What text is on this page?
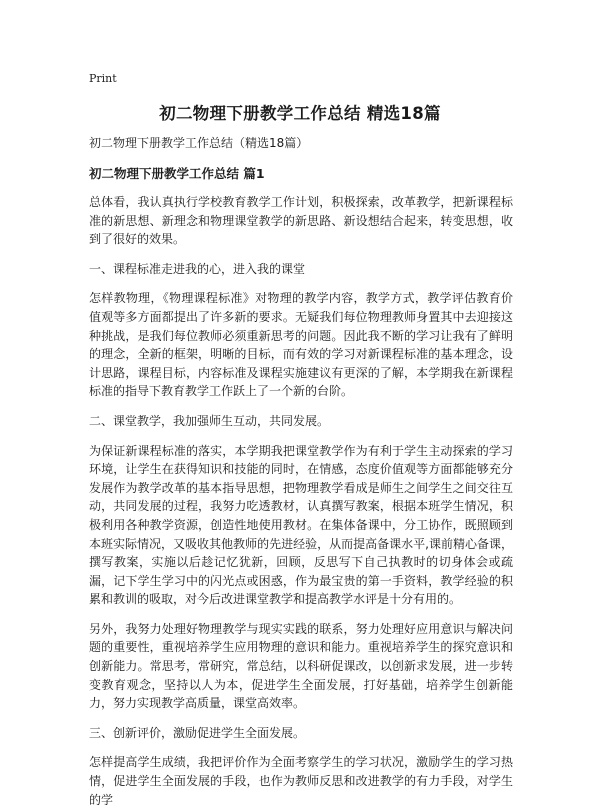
Print
初二物理下册教学工作总结 精选18篇
初二物理下册教学工作总结（精选18篇）
初二物理下册教学工作总结 篇1
总体看，我认真执行学校教育教学工作计划，积极探索，改革教学，把新课程标准的新思想、新理念和物理课堂教学的新思路、新设想结合起来，转变思想，收到了很好的效果。
一、课程标准走进我的心，进入我的课堂
怎样教物理，《物理课程标准》对物理的教学内容，教学方式，教学评估教育价值观等多方面都提出了许多新的要求。无疑我们每位物理教师身置其中去迎接这种挑战，是我们每位教师必须重新思考的问题。因此我不断的学习让我有了鲜明的理念，全新的框架，明晰的目标，而有效的学习对新课程标准的基本理念，设计思路，课程目标，内容标准及课程实施建议有更深的了解，本学期我在新课程标准的指导下教育教学工作跃上了一个新的台阶。
二、课堂教学，我加强师生互动，共同发展。
为保证新课程标准的落实，本学期我把课堂教学作为有利于学生主动探索的学习环境，让学生在获得知识和技能的同时，在情感，态度价值观等方面都能够充分发展作为教学改革的基本指导思想，把物理教学看成是师生之间学生之间交往互动，共同发展的过程，我努力吃透教材，认真撰写教案，根据本班学生情况，积极利用各种教学资源，创造性地使用教材。在集体备课中，分工协作，既照顾到本班实际情况，又吸收其他教师的先进经验，从而提高备课水平,课前精心备课，撰写教案，实施以后趁记忆犹新，回顾，反思写下自己执教时的切身体会或疏漏，记下学生学习中的闪光点或困惑，作为最宝贵的第一手资料，教学经验的积累和教训的吸取，对今后改进课堂教学和提高教学水评是十分有用的。
另外，我努力处理好物理教学与现实实践的联系，努力处理好应用意识与解决问题的重要性，重视培养学生应用物理的意识和能力。重视培养学生的探究意识和创新能力。常思考，常研究，常总结，以科研促课改，以创新求发展，进一步转变教育观念，坚持以人为本，促进学生全面发展，打好基础，培养学生创新能力，努力实现教学高质量，课堂高效率。
三、创新评价，激励促进学生全面发展。
怎样提高学生成绩，我把评价作为全面考察学生的学习状况，激励学生的学习热情，促进学生全面发展的手段，也作为教师反思和改进教学的有力手段，对学生的学
